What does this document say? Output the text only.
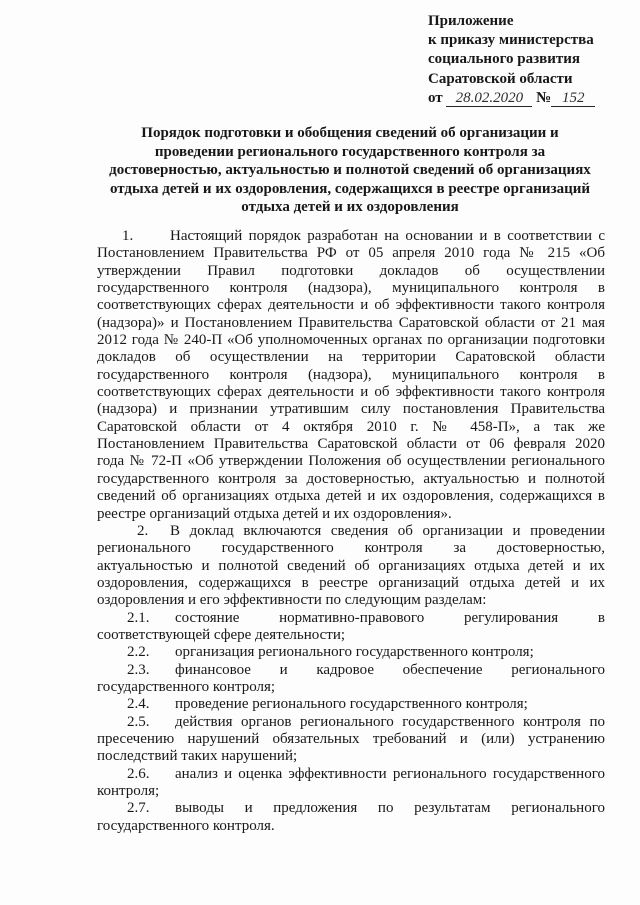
Приложение
к приказу министерства
социального развития
Саратовской области
от 28.02.2020 № 152
Порядок подготовки и обобщения сведений об организации и
проведении регионального государственного контроля за
достоверностью, актуальностью и полнотой сведений об организациях
отдыха детей и их оздоровления, содержащихся в реестре организаций
отдыха детей и их оздоровления
1.	Настоящий порядок разработан на основании и в соответствии с
Постановлением Правительства РФ от 05 апреля 2010 года № 215 «Об
утверждении Правил подготовки докладов об осуществлении
государственного контроля (надзора), муниципального контроля в
соответствующих сферах деятельности и об эффективности такого контроля
(надзора)» и Постановлением Правительства Саратовской области от 21 мая
2012 года № 240-П «Об уполномоченных органах по организации подготовки
докладов об осуществлении на территории Саратовской области
государственного контроля (надзора), муниципального контроля в
соответствующих сферах деятельности и об эффективности такого контроля
(надзора) и признании утратившим силу постановления Правительства
Саратовской области от 4 октября 2010 г. № 458-П», а так же
Постановлением Правительства Саратовской области от 06 февраля 2020
года № 72-П «Об утверждении Положения об осуществлении регионального
государственного контроля за достоверностью, актуальностью и полнотой
сведений об организациях отдыха детей и их оздоровления, содержащихся в
реестре организаций отдыха детей и их оздоровления».
2.	В доклад включаются сведения об организации и проведении
регионального государственного контроля за достоверностью,
актуальностью и полнотой сведений об организациях отдыха детей и их
оздоровления, содержащихся в реестре организаций отдыха детей и их
оздоровления и его эффективности по следующим разделам:
2.1.	состояние нормативно-правового регулирования в
соответствующей сфере деятельности;
2.2.	организация регионального государственного контроля;
2.3.	финансовое и кадровое обеспечение регионального
государственного контроля;
2.4.	проведение регионального государственного контроля;
2.5.	действия органов регионального государственного контроля по
пресечению нарушений обязательных требований и (или) устранению
последствий таких нарушений;
2.6.	анализ и оценка эффективности регионального государственного
контроля;
2.7.	выводы и предложения по результатам регионального
государственного контроля.
